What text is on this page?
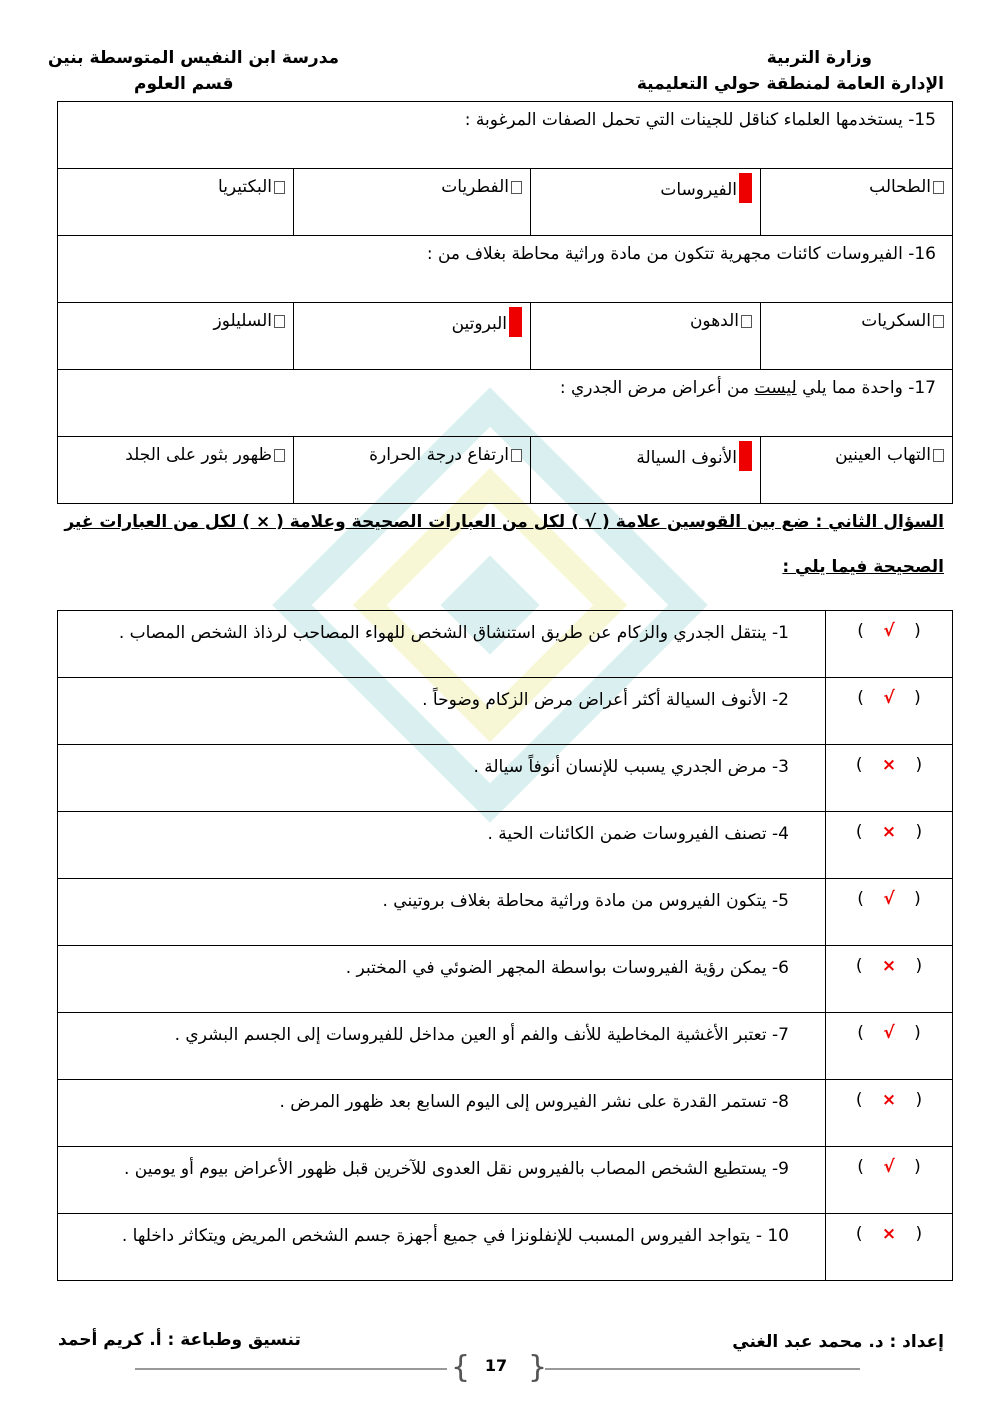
وزارة التربية
الإدارة العامة لمنطقة حولي التعليمية
مدرسة ابن النفيس المتوسطة بنين
قسم العلوم
15- يستخدمها العلماء كناقل للجينات التي تحمل الصفات المرغوبة :			
البكتيريا	الفطريات	الفيروسات	الطحالب
16- الفيروسات كائنات مجهرية تتكون من مادة وراثية محاطة بغلاف من :			
السليلوز	البروتين	الدهون	السكريات
17- واحدة مما يلي ليست من أعراض مرض الجدري :			
ظهور بثور على الجلد	ارتفاع درجة الحرارة	الأنوف السيالة	التهاب العينين
السؤال الثاني : ضع بين القوسين علامة ( √ ) لكل من العبارات الصحيحة وعلامة ( × ) لكل من العبارات غير
الصحيحة فيما يلي :
1- ينتقل الجدري والزكام عن طريق استنشاق الشخص للهواء المصاحب لرذاذ الشخص المصاب .	( √ )
2- الأنوف السيالة أكثر أعراض مرض الزكام وضوحاً .	( √ )
3- مرض الجدري يسبب للإنسان أنوفاً سيالة .	( × )
4- تصنف الفيروسات ضمن الكائنات الحية .	( × )
5- يتكون الفيروس من مادة وراثية محاطة بغلاف بروتيني .	( √ )
6- يمكن رؤية الفيروسات بواسطة المجهر الضوئي في المختبر .	( × )
7- تعتبر الأغشية المخاطية للأنف والفم أو العين مداخل للفيروسات إلى الجسم البشري .	( √ )
8- تستمر القدرة على نشر الفيروس إلى اليوم السابع بعد ظهور المرض .	( × )
9- يستطيع الشخص المصاب بالفيروس نقل العدوى للآخرين قبل ظهور الأعراض بيوم أو يومين .	( √ )
10 - يتواجد الفيروس المسبب للإنفلونزا في جميع أجهزة جسم الشخص المريض ويتكاثر داخلها .	( × )
إعداد : د. محمد عبد الغني
تنسيق وطباعة : أ. كريم أحمد
{ }
17
